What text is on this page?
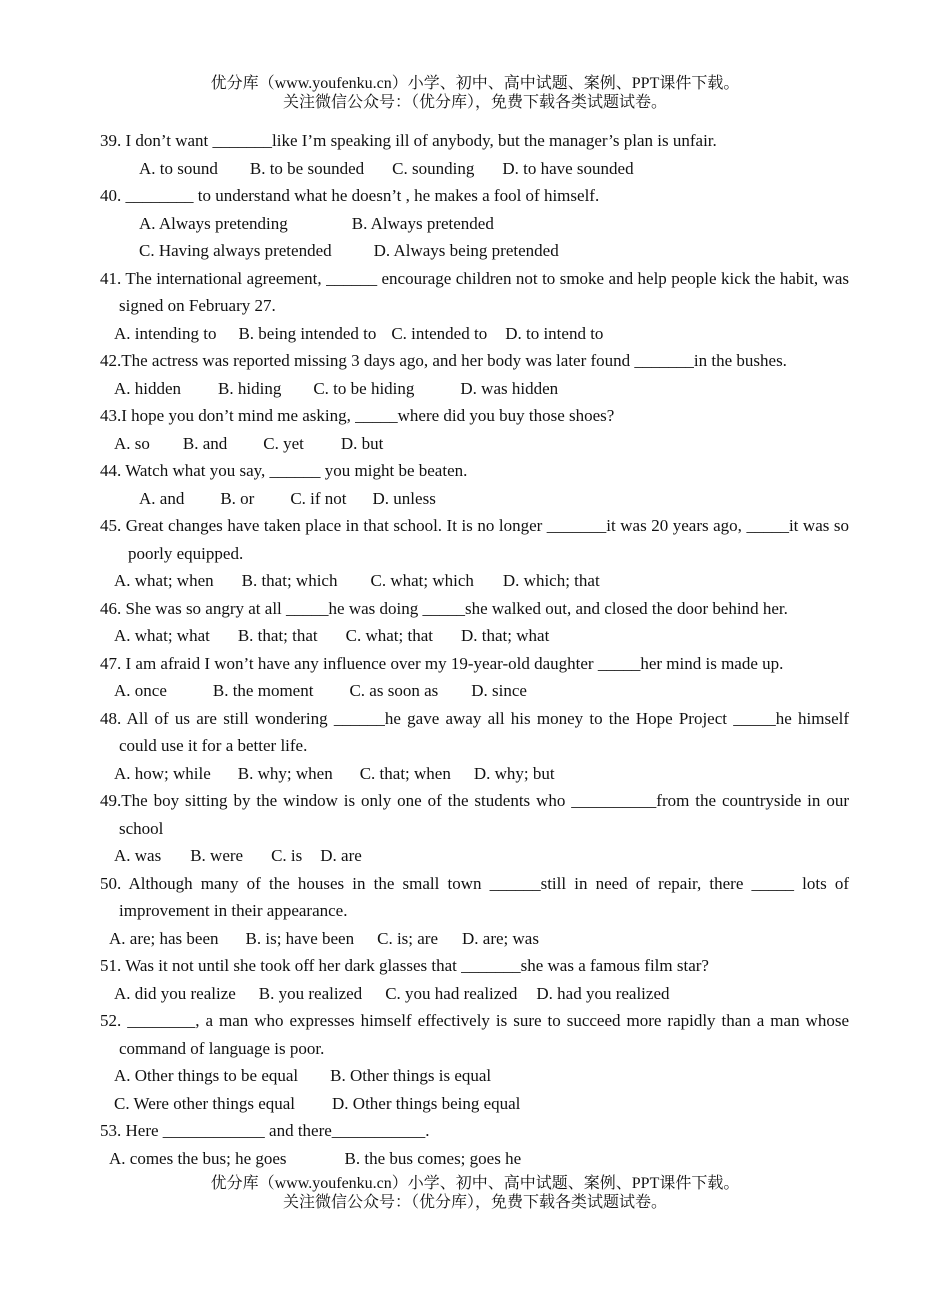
优分库（www.youfenku.cn）小学、初中、高中试题、案例、PPT课件下载。
关注微信公众号：（优分库），免费下载各类试题试卷。
39. I don’t want _______like I’m speaking ill of anybody, but the manager’s plan is unfair.
A. to sound B. to be sounded C. sounding D. to have sounded
40. ________ to understand what he doesn’t , he makes a fool of himself.
A. Always pretending	B. Always pretended
C. Having always pretended D. Always being pretended
41. The international agreement, ______ encourage children not to smoke and help people kick the habit, was signed on February 27.
A. intending to B. being intended to C. intended to D. to intend to
42.The actress was reported missing 3 days ago, and her body was later found _______in the bushes.
A. hidden B. hiding C. to be hiding	D. was hidden
43.I hope you don’t mind me asking, _____where did you buy those shoes?
A. so B. and C. yet D. but
44. Watch what you say, ______ you might be beaten.
A. and B. or C. if not D. unless
45. Great changes have taken place in that school. It is no longer _______it was 20 years ago, _____it was so poorly equipped.
A. what; when B. that; which C. what; which D. which; that
46. She was so angry at all _____he was doing _____she walked out, and closed the door behind her.
A. what; what B. that; that C. what; that D. that; what
47. I am afraid I won’t have any influence over my 19-year-old daughter _____her mind is made up.
A. once	B. the moment C. as soon as D. since
48. All of us are still wondering ______he gave away all his money to the Hope Project _____he himself could use it for a better life.
A. how; while B. why; when C. that; when D. why; but
49.The boy sitting by the window is only one of the students who __________from the countryside in our school
A. was B. were C. is D. are
50. Although many of the houses in the small town ______still in need of repair, there _____ lots of improvement in their appearance.
A. are; has been B. is; have been C. is; are D. are; was
51. Was it not until she took off her dark glasses that _______she was a famous film star?
A. did you realize B. you realized C. you had realized D. had you realized
52. ________, a man who expresses himself effectively is sure to succeed more rapidly than a man whose command of language is poor.
A. Other things to be equal B. Other things is equal
C. Were other things equal D. Other things being equal
53. Here ____________ and there___________.
A. comes the bus; he goes	B. the bus comes; goes he
优分库（www.youfenku.cn）小学、初中、高中试题、案例、PPT课件下载。
关注微信公众号：（优分库），免费下载各类试题试卷。
